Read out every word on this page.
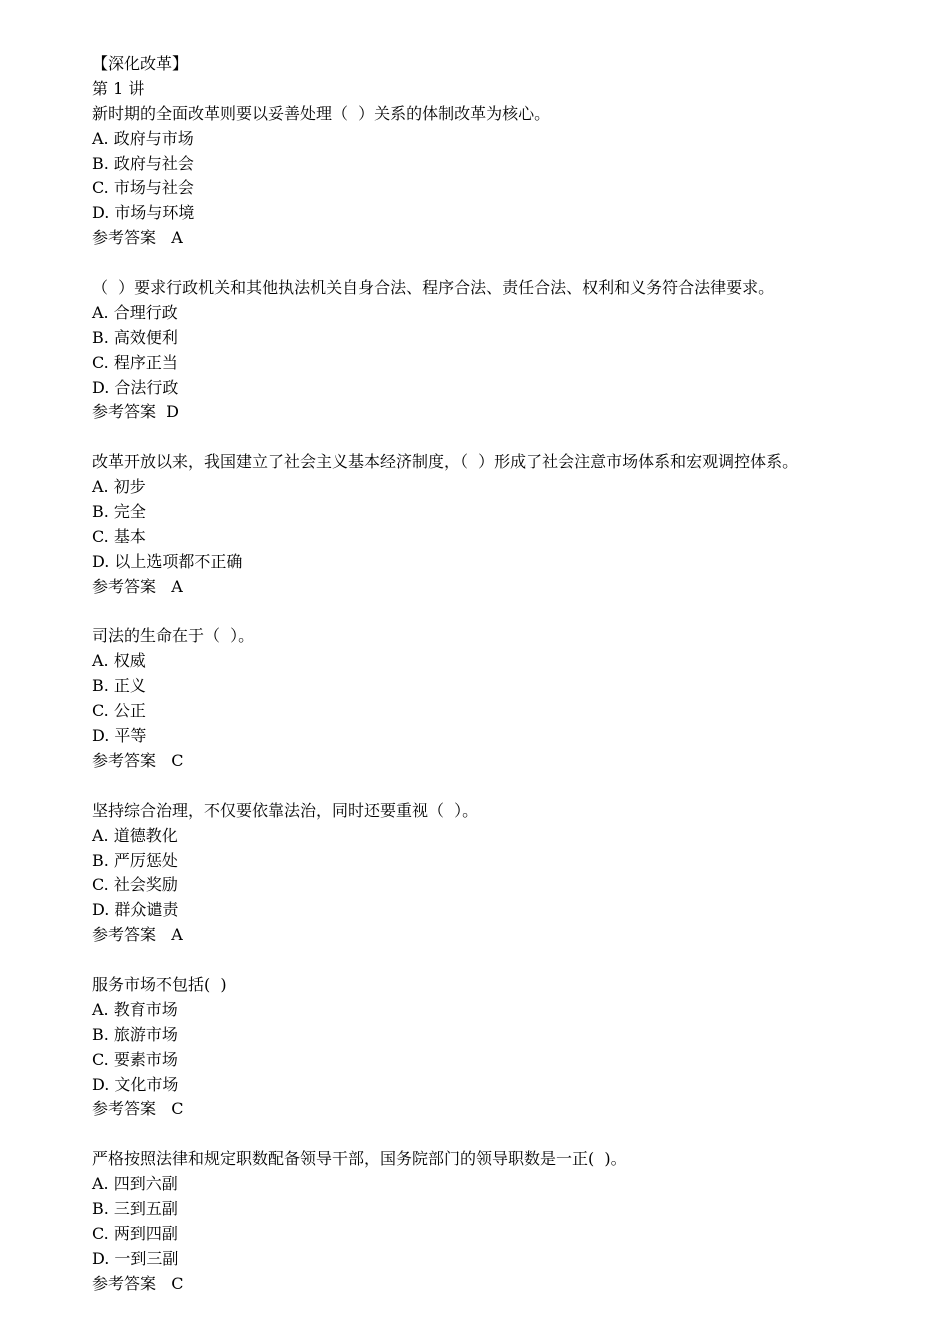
【深化改革】
第 1 讲
新时期的全面改革则要以妥善处理（  ）关系的体制改革为核心。
A. 政府与市场
B. 政府与社会
C. 市场与社会
D. 市场与环境
参考答案   A
（  ）要求行政机关和其他执法机关自身合法、程序合法、责任合法、权利和义务符合法律要求。
A. 合理行政
B. 高效便利
C. 程序正当
D. 合法行政
参考答案  D
改革开放以来，我国建立了社会主义基本经济制度，（  ）形成了社会注意市场体系和宏观调控体系。
A. 初步
B. 完全
C. 基本
D. 以上选项都不正确
参考答案   A
司法的生命在于（  ）。
A. 权威
B. 正义
C. 公正
D. 平等
参考答案   C
坚持综合治理，不仅要依靠法治，同时还要重视（  ）。
A. 道德教化
B. 严厉惩处
C. 社会奖励
D. 群众谴责
参考答案   A
服务市场不包括(  )
A. 教育市场
B. 旅游市场
C. 要素市场
D. 文化市场
参考答案   C
严格按照法律和规定职数配备领导干部，国务院部门的领导职数是一正(  )。
A. 四到六副
B. 三到五副
C. 两到四副
D. 一到三副
参考答案   C
